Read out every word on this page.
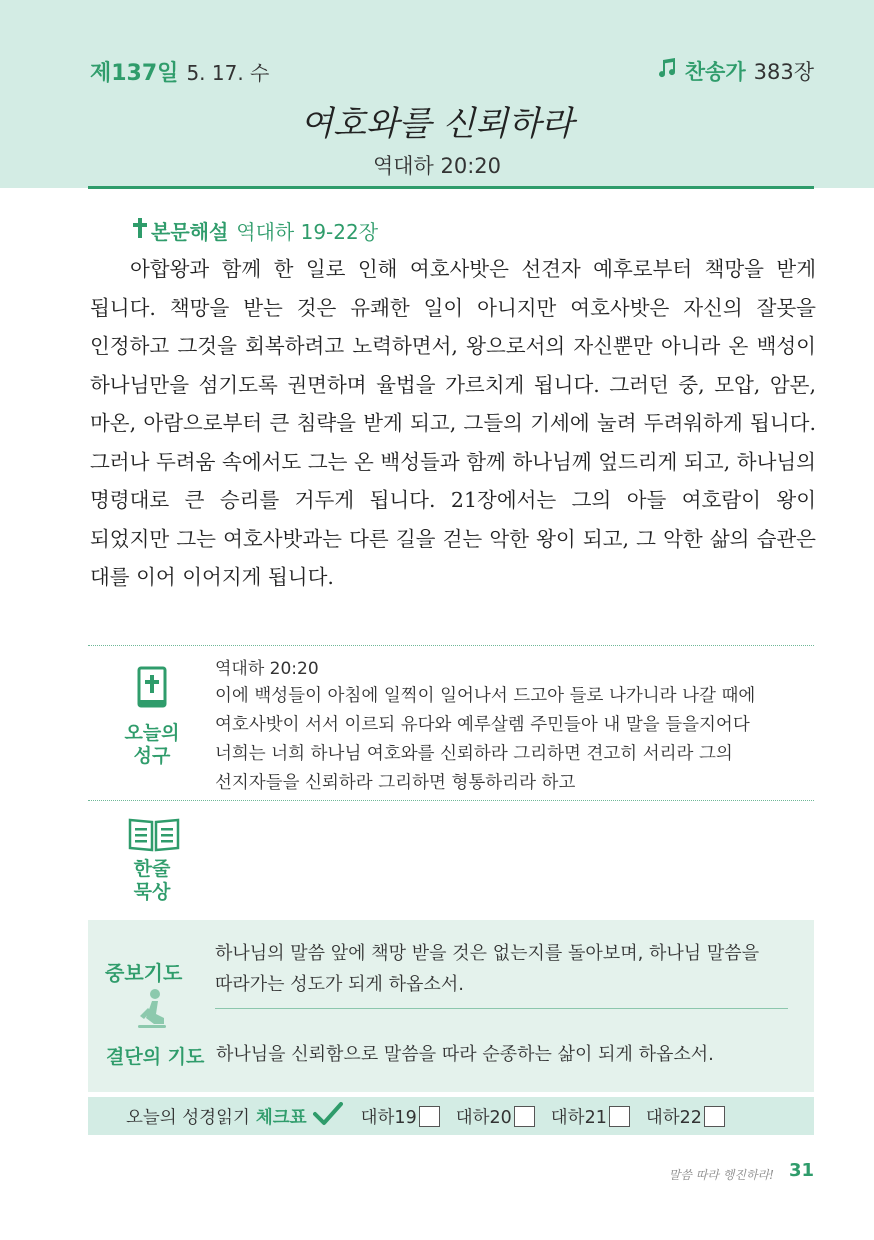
제137일 5. 17. 수	찬송가 383장
여호와를 신뢰하라
역대하 20:20
본문해설 역대하 19-22장
아합왕과 함께 한 일로 인해 여호사밧은 선견자 예후로부터 책망을 받게 됩니다. 책망을 받는 것은 유쾌한 일이 아니지만 여호사밧은 자신의 잘못을 인정하고 그것을 회복하려고 노력하면서, 왕으로서의 자신뿐만 아니라 온 백성이 하나님만을 섬기도록 권면하며 율법을 가르치게 됩니다. 그러던 중, 모압, 암몬, 마온, 아람으로부터 큰 침략을 받게 되고, 그들의 기세에 눌려 두려워하게 됩니다. 그러나 두려움 속에서도 그는 온 백성들과 함께 하나님께 엎드리게 되고, 하나님의 명령대로 큰 승리를 거두게 됩니다. 21장에서는 그의 아들 여호람이 왕이 되었지만 그는 여호사밧과는 다른 길을 걷는 악한 왕이 되고, 그 악한 삶의 습관은 대를 이어 이어지게 됩니다.
오늘의
성구
역대하 20:20
이에 백성들이 아침에 일찍이 일어나서 드고아 들로 나가니라 나갈 때에 여호사밧이 서서 이르되 유다와 예루살렘 주민들아 내 말을 들을지어다 너희는 너희 하나님 여호와를 신뢰하라 그리하면 견고히 서리라 그의 선지자들을 신뢰하라 그리하면 형통하리라 하고
한줄
묵상
중보기도
하나님의 말씀 앞에 책망 받을 것은 없는지를 돌아보며, 하나님 말씀을 따라가는 성도가 되게 하옵소서.
결단의 기도 하나님을 신뢰함으로 말씀을 따라 순종하는 삶이 되게 하옵소서.
오늘의 성경읽기 체크표	대하19 대하20 대하21 대하22
말씀 따라 행진하라! 31
